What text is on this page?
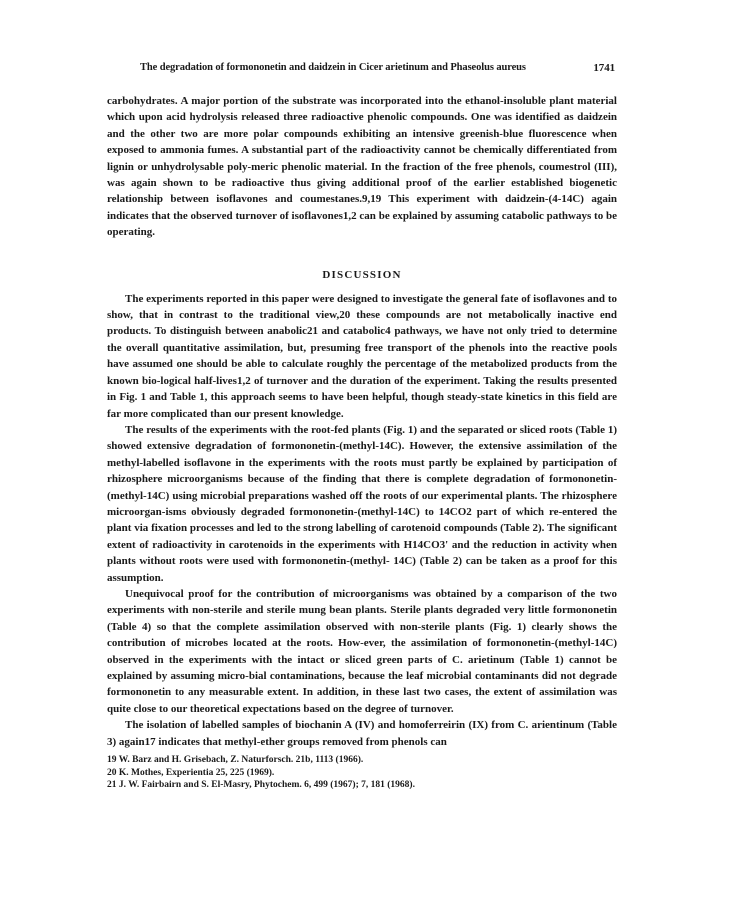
The degradation of formononetin and daidzein in Cicer arietinum and Phaseolus aureus	1741

carbohydrates. A major portion of the substrate was incorporated into the ethanol-insoluble plant material which upon acid hydrolysis released three radioactive phenolic compounds. One was identified as daidzein and the other two are more polar compounds exhibiting an intensive greenish-blue fluorescence when exposed to ammonia fumes. A substantial part of the radioactivity cannot be chemically differentiated from lignin or unhydrolysable poly-meric phenolic material. In the fraction of the free phenols, coumestrol (III), was again shown to be radioactive thus giving additional proof of the earlier established biogenetic relationship between isoflavones and coumestanes.9,19 This experiment with daidzein-(4-14C) again indicates that the observed turnover of isoflavones1,2 can be explained by assuming catabolic pathways to be operating.

DISCUSSION

The experiments reported in this paper were designed to investigate the general fate of isoflavones and to show, that in contrast to the traditional view,20 these compounds are not metabolically inactive end products. To distinguish between anabolic21 and catabolic4 pathways, we have not only tried to determine the overall quantitative assimilation, but, presuming free transport of the phenols into the reactive pools have assumed one should be able to calculate roughly the percentage of the metabolized products from the known bio-logical half-lives1,2 of turnover and the duration of the experiment. Taking the results presented in Fig. 1 and Table 1, this approach seems to have been helpful, though steady-state kinetics in this field are far more complicated than our present knowledge.

The results of the experiments with the root-fed plants (Fig. 1) and the separated or sliced roots (Table 1) showed extensive degradation of formononetin-(methyl-14C). However, the extensive assimilation of the methyl-labelled isoflavone in the experiments with the roots must partly be explained by participation of rhizosphere microorganisms because of the finding that there is complete degradation of formononetin-(methyl-14C) using microbial preparations washed off the roots of our experimental plants. The rhizosphere microorgan-isms obviously degraded formononetin-(methyl-14C) to 14CO2 part of which re-entered the plant via fixation processes and led to the strong labelling of carotenoid compounds (Table 2). The significant extent of radioactivity in carotenoids in the experiments with H14CO3' and the reduction in activity when plants without roots were used with formononetin-(methyl- 14C) (Table 2) can be taken as a proof for this assumption.

Unequivocal proof for the contribution of microorganisms was obtained by a comparison of the two experiments with non-sterile and sterile mung bean plants. Sterile plants degraded very little formononetin (Table 4) so that the complete assimilation observed with non-sterile plants (Fig. 1) clearly shows the contribution of microbes located at the roots. How-ever, the assimilation of formononetin-(methyl-14C) observed in the experiments with the intact or sliced green parts of C. arietinum (Table 1) cannot be explained by assuming micro-bial contaminations, because the leaf microbial contaminants did not degrade formononetin to any measurable extent. In addition, in these last two cases, the extent of assimilation was quite close to our theoretical expectations based on the degree of turnover.

The isolation of labelled samples of biochanin A (IV) and homoferreirin (IX) from C. arientinum (Table 3) again17 indicates that methyl-ether groups removed from phenols can

19 W. Barz and H. Grisebach, Z. Naturforsch. 21b, 1113 (1966).
20 K. Mothes, Experientia 25, 225 (1969).
21 J. W. Fairbairn and S. El-Masry, Phytochem. 6, 499 (1967); 7, 181 (1968).
